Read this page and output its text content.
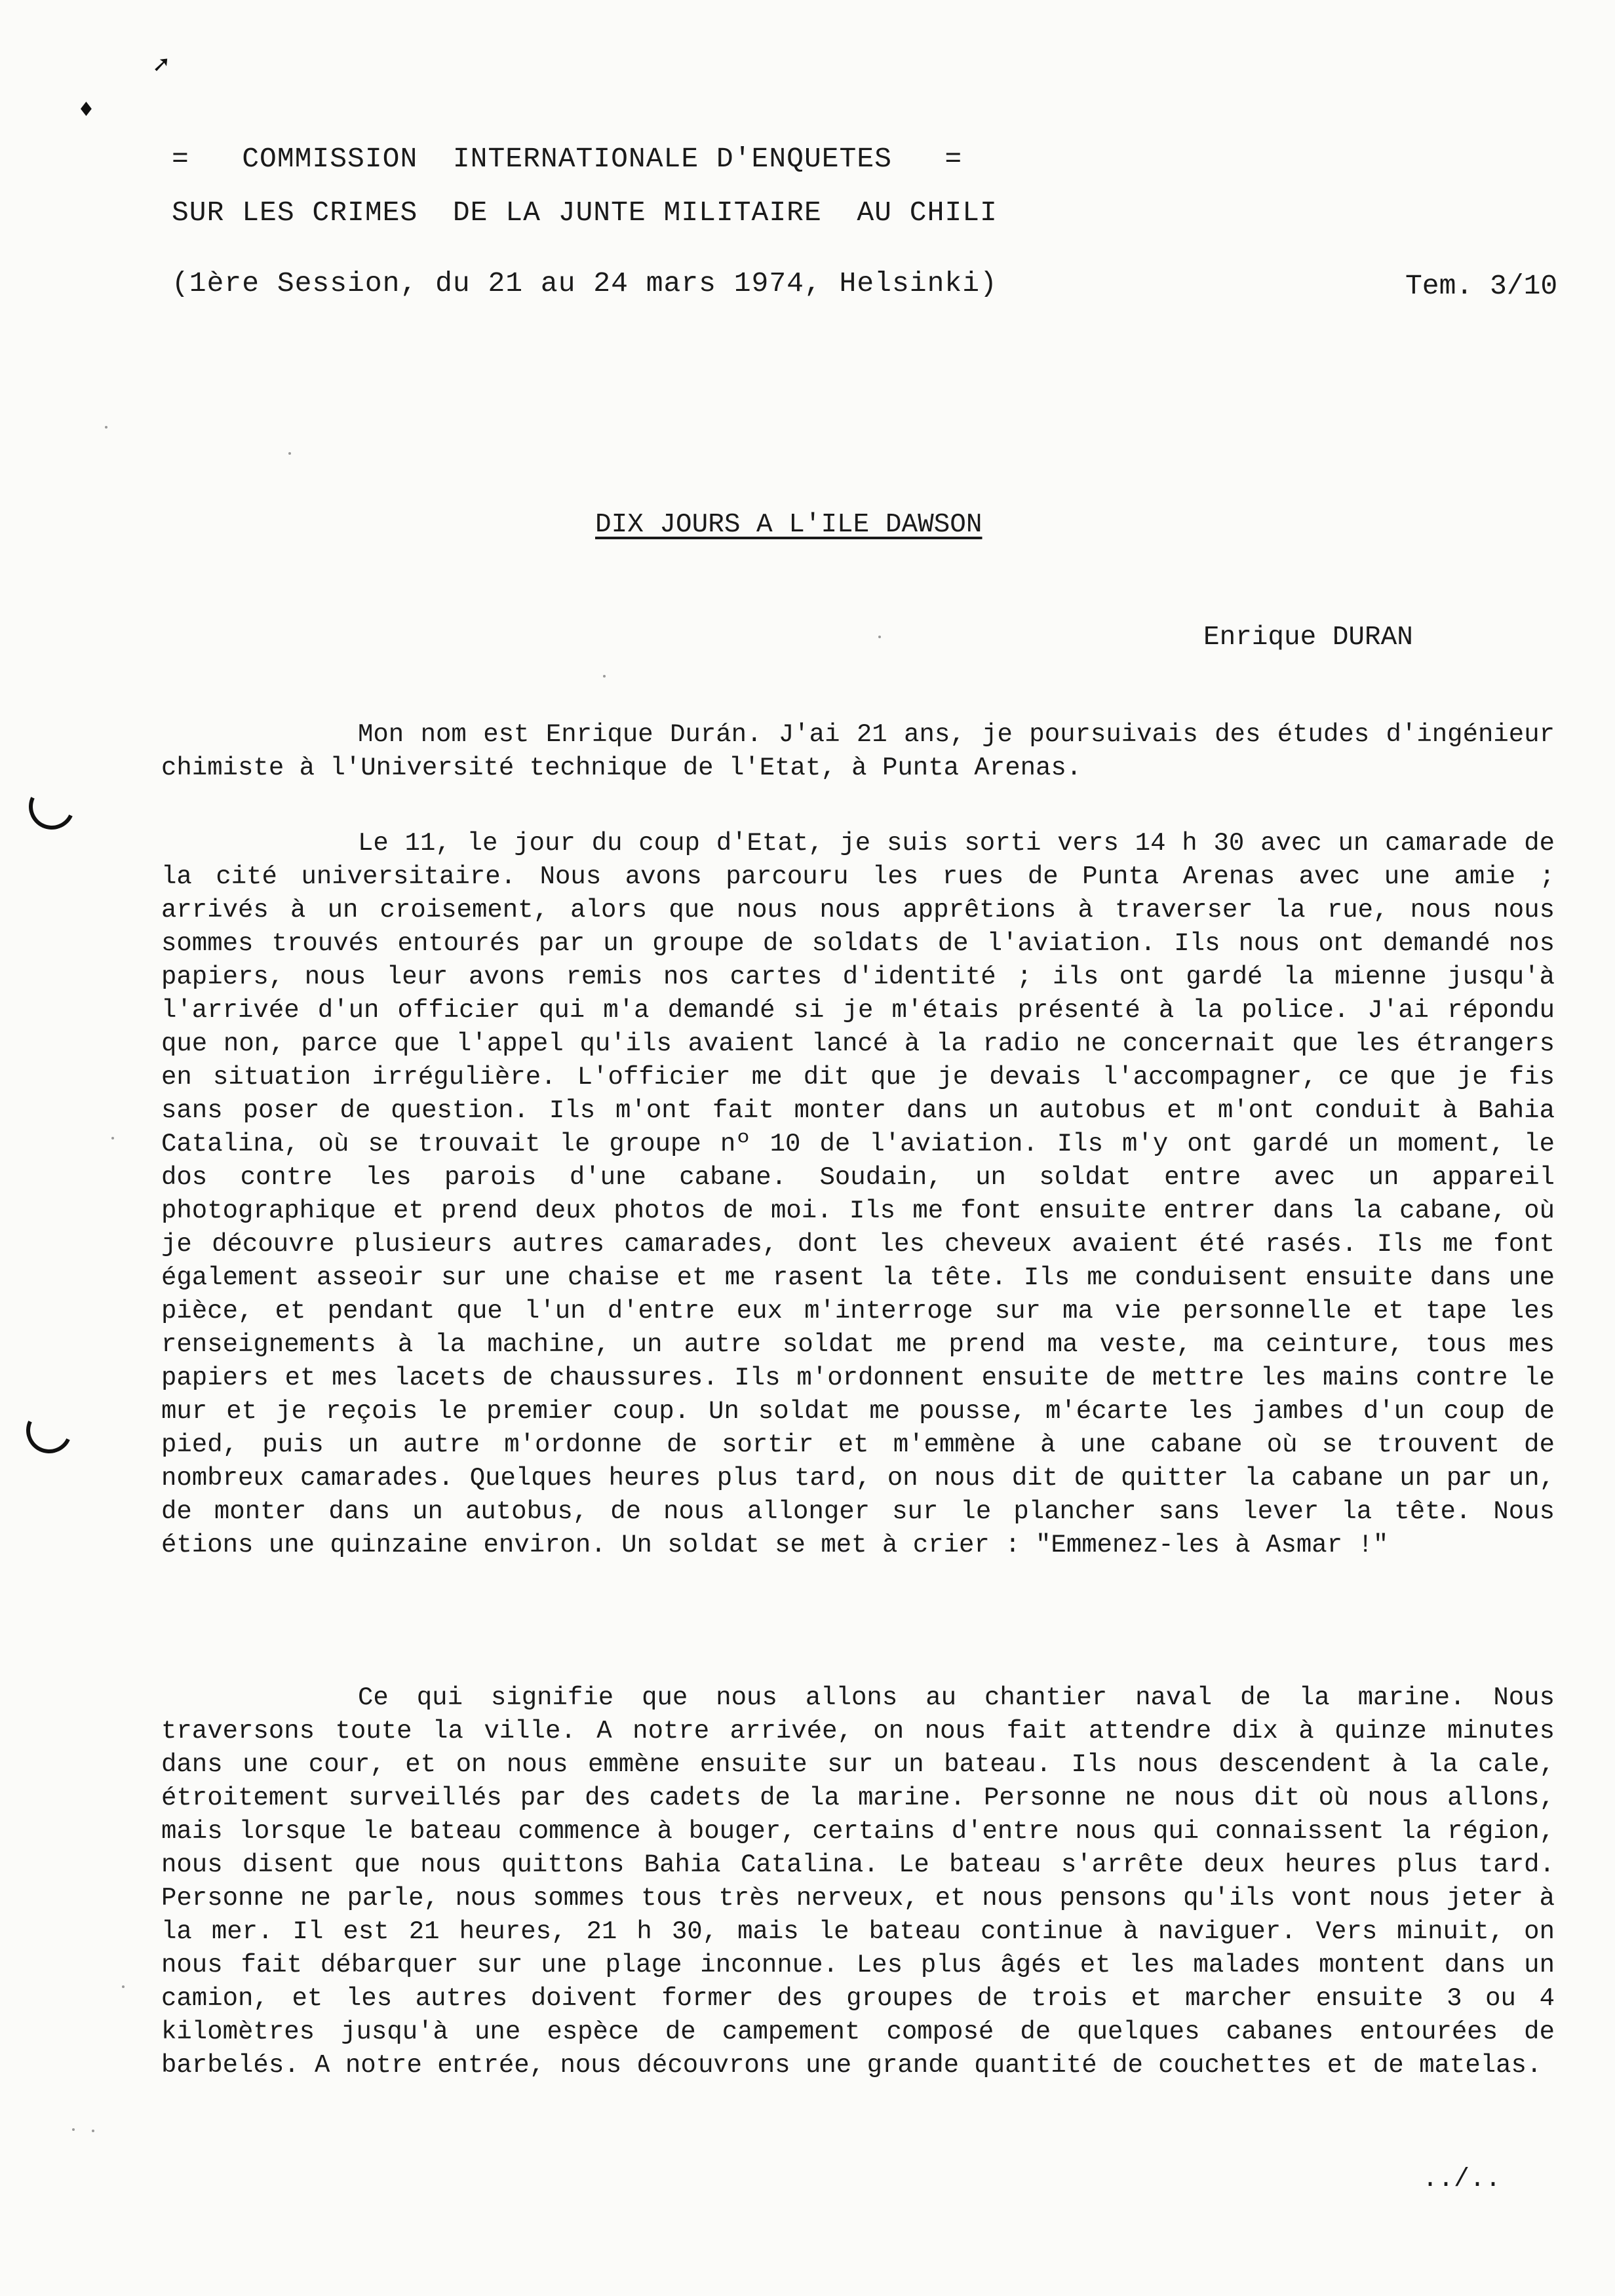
➚
♦
=   COMMISSION  INTERNATIONALE D'ENQUETES   =
SUR LES CRIMES  DE LA JUNTE MILITAIRE  AU CHILI
(1ère Session, du 21 au 24 mars 1974, Helsinki)	Tem. 3/10
DIX JOURS A L'ILE DAWSON
Enrique DURAN

Mon nom est Enrique Durán. J'ai 21 ans, je poursuivais des études d'ingénieur chimiste à l'Université technique de l'Etat, à Punta Arenas.

Le 11, le jour du coup d'Etat, je suis sorti vers 14 h 30 avec un camarade de la cité universitaire. Nous avons parcouru les rues de Punta Arenas avec une amie ; arrivés à un croisement, alors que nous nous apprêtions à traverser la rue, nous nous sommes trouvés entourés par un groupe de soldats de l'aviation. Ils nous ont demandé nos papiers, nous leur avons remis nos cartes d'identité ; ils ont gardé la mienne jusqu'à l'arrivée d'un officier qui m'a demandé si je m'étais présenté à la police. J'ai répondu que non, parce que l'appel qu'ils avaient lancé à la radio ne concernait que les étrangers en situation irrégulière. L'officier me dit que je devais l'accompagner, ce que je fis sans poser de question. Ils m'ont fait monter dans un autobus et m'ont conduit à Bahia Catalina, où se trouvait le groupe nº 10 de l'aviation. Ils m'y ont gardé un moment, le dos contre les parois d'une cabane. Soudain, un soldat entre avec un appareil photographique et prend deux photos de moi. Ils me font ensuite entrer dans la cabane, où je découvre plusieurs autres camarades, dont les cheveux avaient été rasés. Ils me font également asseoir sur une chaise et me rasent la tête. Ils me conduisent ensuite dans une pièce, et pendant que l'un d'entre eux m'interroge sur ma vie personnelle et tape les renseignements à la machine, un autre soldat me prend ma veste, ma ceinture, tous mes papiers et mes lacets de chaussures. Ils m'ordonnent ensuite de mettre les mains contre le mur et je reçois le premier coup. Un soldat me pousse, m'écarte les jambes d'un coup de pied, puis un autre m'ordonne de sortir et m'emmène à une cabane où se trouvent de nombreux camarades. Quelques heures plus tard, on nous dit de quitter la cabane un par un, de monter dans un autobus, de nous allonger sur le plancher sans lever la tête. Nous étions une quinzaine environ. Un soldat se met à crier : "Emmenez-les à Asmar !"

Ce qui signifie que nous allons au chantier naval de la marine. Nous traversons toute la ville. A notre arrivée, on nous fait attendre dix à quinze minutes dans une cour, et on nous emmène ensuite sur un bateau. Ils nous descendent à la cale, étroitement surveillés par des cadets de la marine. Personne ne nous dit où nous allons, mais lorsque le bateau commence à bouger, certains d'entre nous qui connaissent la région, nous disent que nous quittons Bahia Catalina. Le bateau s'arrête deux heures plus tard. Personne ne parle, nous sommes tous très nerveux, et nous pensons qu'ils vont nous jeter à la mer. Il est 21 heures, 21 h 30, mais le bateau continue à naviguer. Vers minuit, on nous fait débarquer sur une plage inconnue. Les plus âgés et les malades montent dans un camion, et les autres doivent former des groupes de trois et marcher ensuite 3 ou 4 kilomètres jusqu'à une espèce de campement composé de quelques cabanes entourées de barbelés. A notre entrée, nous découvrons une grande quantité de couchettes et de matelas.

../..
